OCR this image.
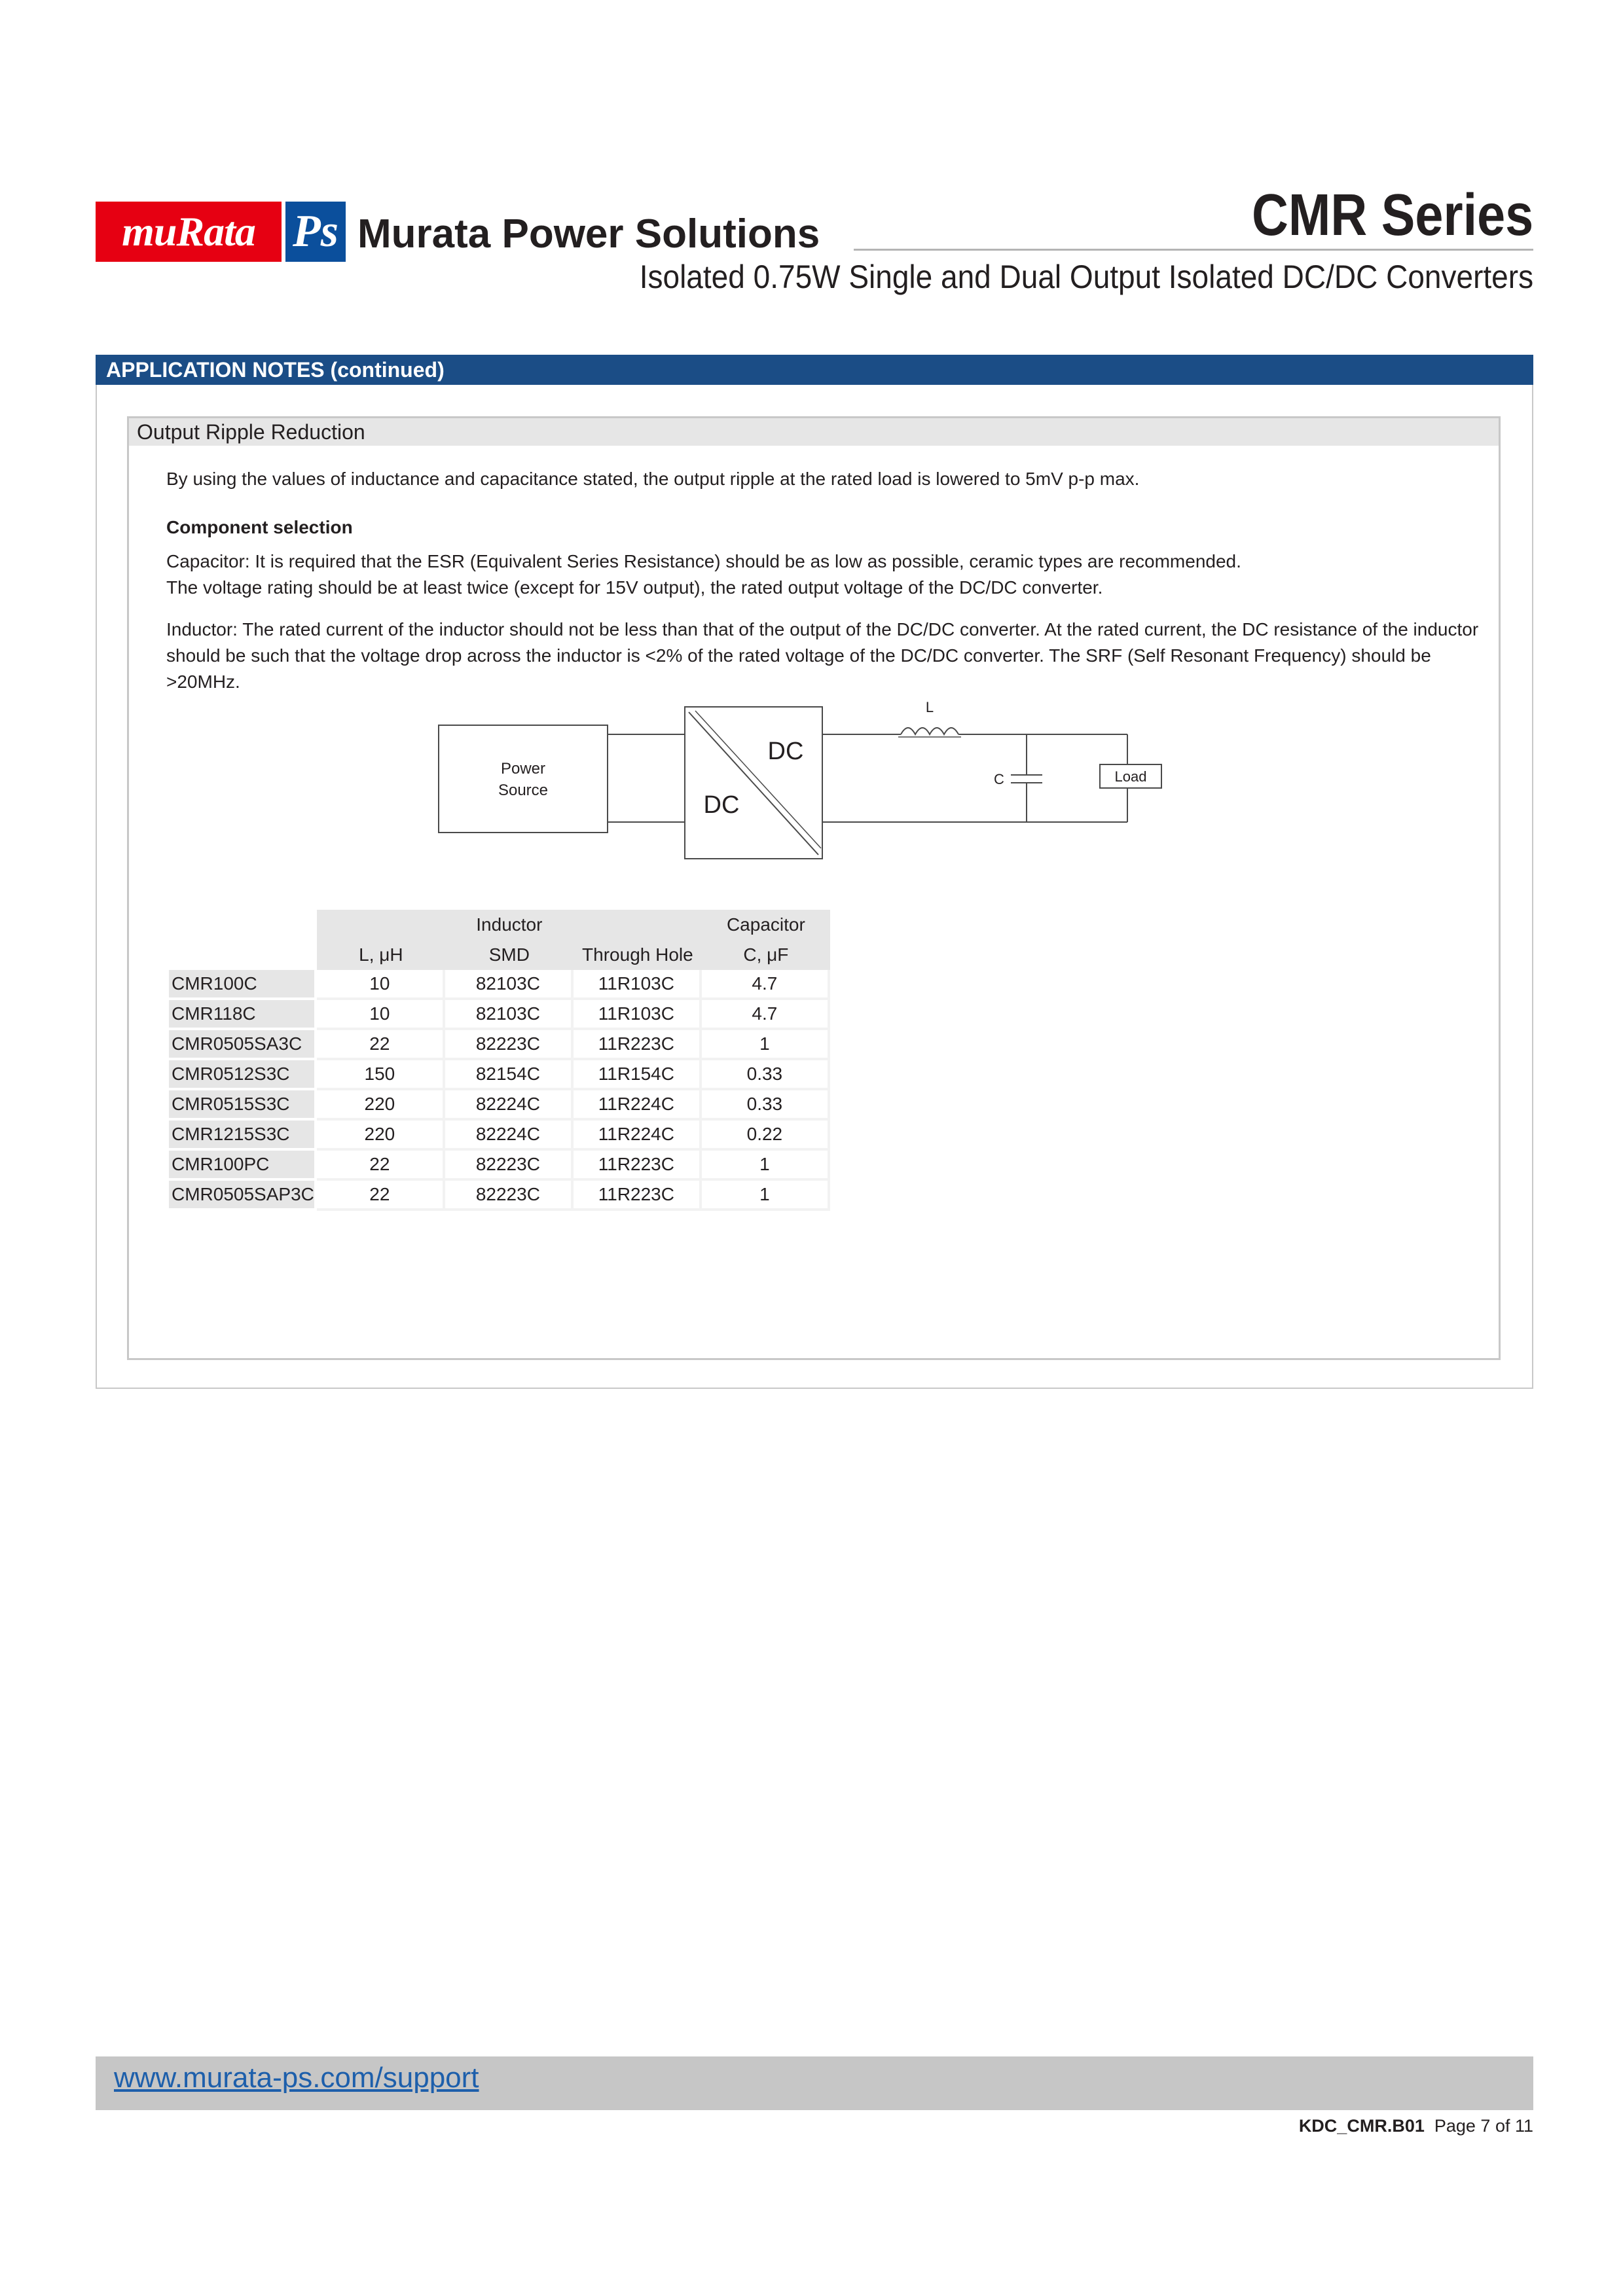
muRata Ps Murata Power Solutions	CMR Series
Isolated 0.75W Single and Dual Output Isolated DC/DC Converters
APPLICATION NOTES (continued)
Output Ripple Reduction
By using the values of inductance and capacitance stated, the output ripple at the rated load is lowered to 5mV p-p max.
Component selection
Capacitor: It is required that the ESR (Equivalent Series Resistance) should be as low as possible, ceramic types are recommended.
The voltage rating should be at least twice (except for 15V output), the rated output voltage of the DC/DC converter.
Inductor: The rated current of the inductor should not be less than that of the output of the DC/DC converter. At the rated current, the DC resistance of the inductor
should be such that the voltage drop across the inductor is <2% of the rated voltage of the DC/DC converter. The SRF (Self Resonant Frequency) should be
>20MHz.
Power
Source
DC
DC
L
C	Load
		Inductor		Capacitor
	L, μH	SMD	Through Hole	C, μF
CMR100C	10	82103C	11R103C	4.7
CMR118C	10	82103C	11R103C	4.7
CMR0505SA3C	22	82223C	11R223C	1
CMR0512S3C	150	82154C	11R154C	0.33
CMR0515S3C	220	82224C	11R224C	0.33
CMR1215S3C	220	82224C	11R224C	0.22
CMR100PC	22	82223C	11R223C	1
CMR0505SAP3C	22	82223C	11R223C	1
www.murata-ps.com/support
KDC_CMR.B01 Page 7 of 11
